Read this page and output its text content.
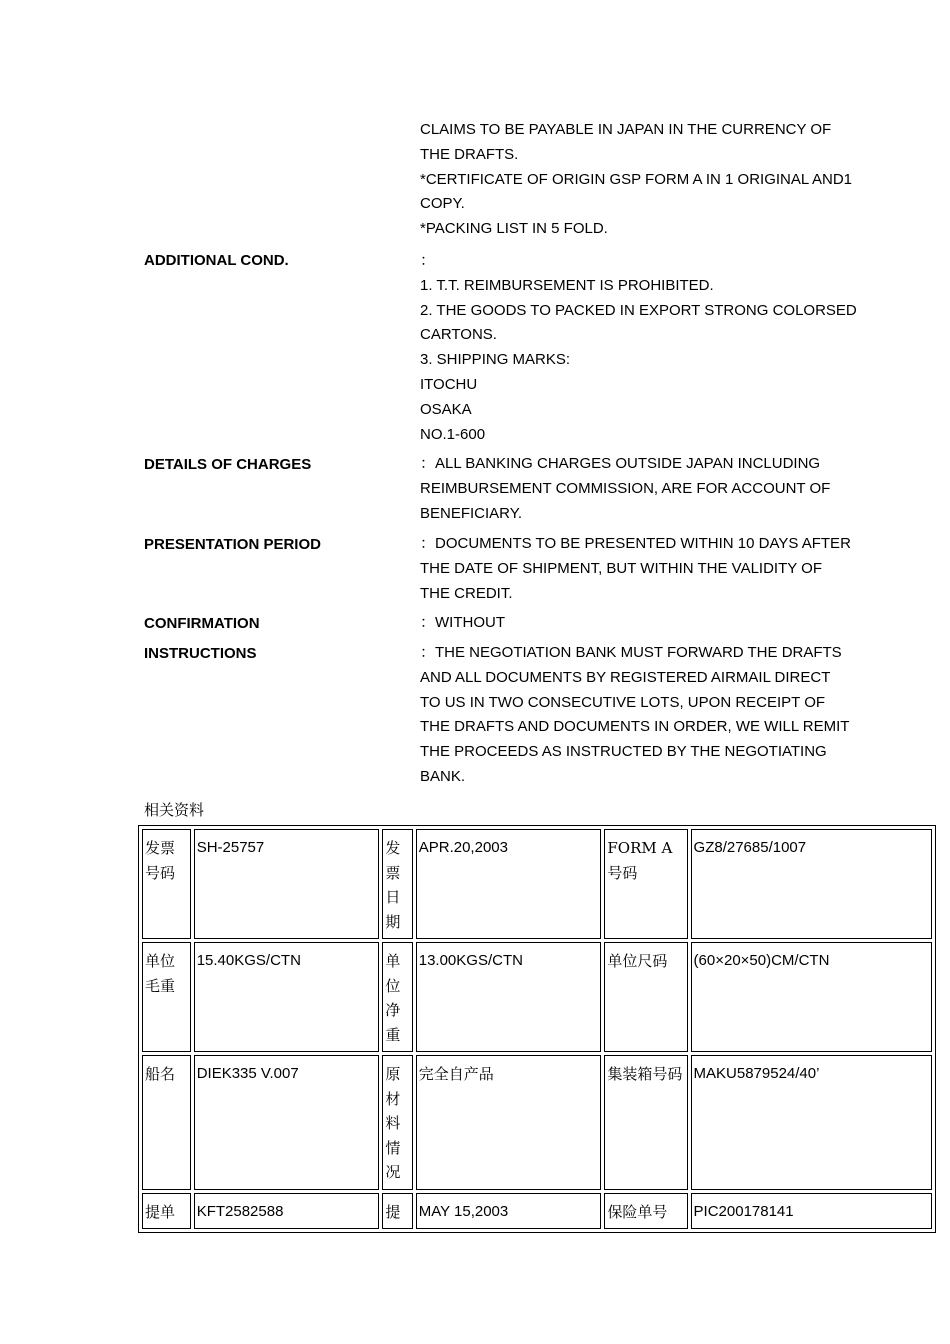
CLAIMS TO BE PAYABLE IN JAPAN IN THE CURRENCY OF
THE DRAFTS.
*CERTIFICATE OF ORIGIN GSP FORM A IN 1 ORIGINAL AND1
COPY.
*PACKING LIST IN 5 FOLD.
ADDITIONAL COND.	：
1. T.T. REIMBURSEMENT IS PROHIBITED.
2. THE GOODS TO PACKED IN EXPORT STRONG COLORSED
CARTONS.
3. SHIPPING MARKS:
ITOCHU
OSAKA
NO.1-600
DETAILS OF CHARGES	：ALL BANKING CHARGES OUTSIDE JAPAN INCLUDING
REIMBURSEMENT COMMISSION, ARE FOR ACCOUNT OF
BENEFICIARY.
PRESENTATION PERIOD	：DOCUMENTS TO BE PRESENTED WITHIN 10 DAYS AFTER
THE DATE OF SHIPMENT, BUT WITHIN THE VALIDITY OF
THE CREDIT.
CONFIRMATION	：WITHOUT
INSTRUCTIONS	：THE NEGOTIATION BANK MUST FORWARD THE DRAFTS
AND ALL DOCUMENTS BY REGISTERED AIRMAIL DIRECT
TO US IN TWO CONSECUTIVE LOTS, UPON RECEIPT OF
THE DRAFTS AND DOCUMENTS IN ORDER, WE WILL REMIT
THE PROCEEDS AS INSTRUCTED BY THE NEGOTIATING
BANK.
相关资料
发票号码	SH-25757	发票日期	APR.20,2003	FORM A 号码	GZ8/27685/1007
单位毛重	15.40KGS/CTN	单位净重	13.00KGS/CTN	单位尺码	(60×20×50)CM/CTN
船名	DIEK335 V.007	原材料情况	完全自产品	集装箱号码	MAKU5879524/40’
提单	KFT2582588	提	MAY 15,2003	保险单号	PIC200178141
